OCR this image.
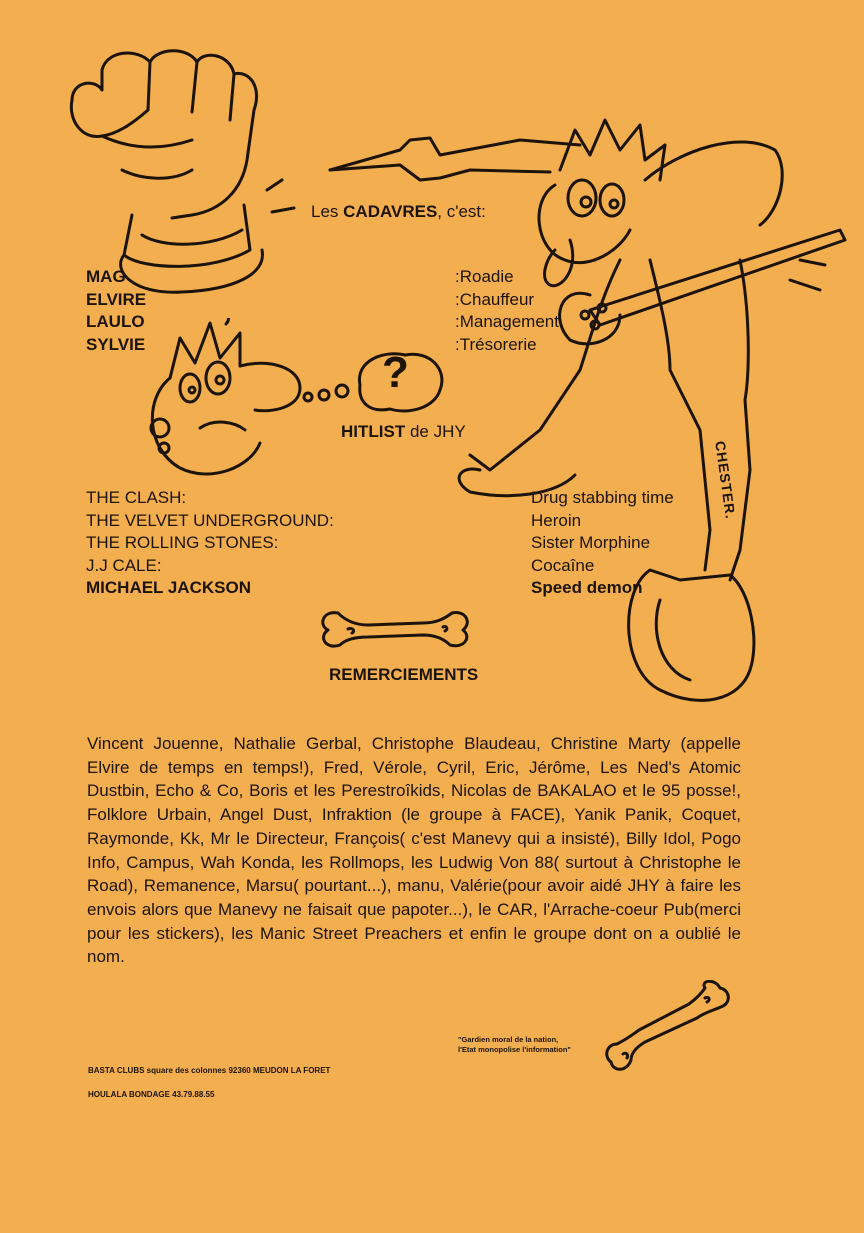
?
CHESTER.
Les CADAVRES, c'est:
MAG
ELVIRE
LAULO
SYLVIE
:Roadie
:Chauffeur
:Management
:Trésorerie
HITLIST de JHY
THE CLASH:
THE VELVET UNDERGROUND:
THE ROLLING STONES:
J.J CALE:
MICHAEL JACKSON
Drug stabbing time
Heroin
Sister Morphine
Cocaîne
Speed demon
REMERCIEMENTS
Vincent Jouenne, Nathalie Gerbal, Christophe Blaudeau, Christine Marty (appelle Elvire de temps en temps!), Fred, Vérole, Cyril, Eric, Jérôme, Les Ned's Atomic Dustbin, Echo & Co, Boris et les Perestroîkids, Nicolas de BAKALAO et le 95 posse!, Folklore Urbain, Angel Dust, Infraktion (le groupe à FACE), Yanik Panik, Coquet, Raymonde, Kk, Mr le Directeur, François( c'est Manevy qui a insisté), Billy Idol, Pogo Info, Campus, Wah Konda, les Rollmops, les Ludwig Von 88( surtout à Christophe le Road), Remanence, Marsu( pourtant...), manu, Valérie(pour avoir aidé JHY à faire les envois alors que Manevy ne faisait que papoter...), le CAR, l'Arrache-coeur Pub(merci pour les stickers), les Manic Street Preachers et enfin le groupe dont on a oublié le nom.
"Gardien moral de la nation,
l'Etat monopolise l'information"
BASTA CLUBS square des colonnes 92360 MEUDON LA FORET
HOULALA BONDAGE 43.79.88.55
